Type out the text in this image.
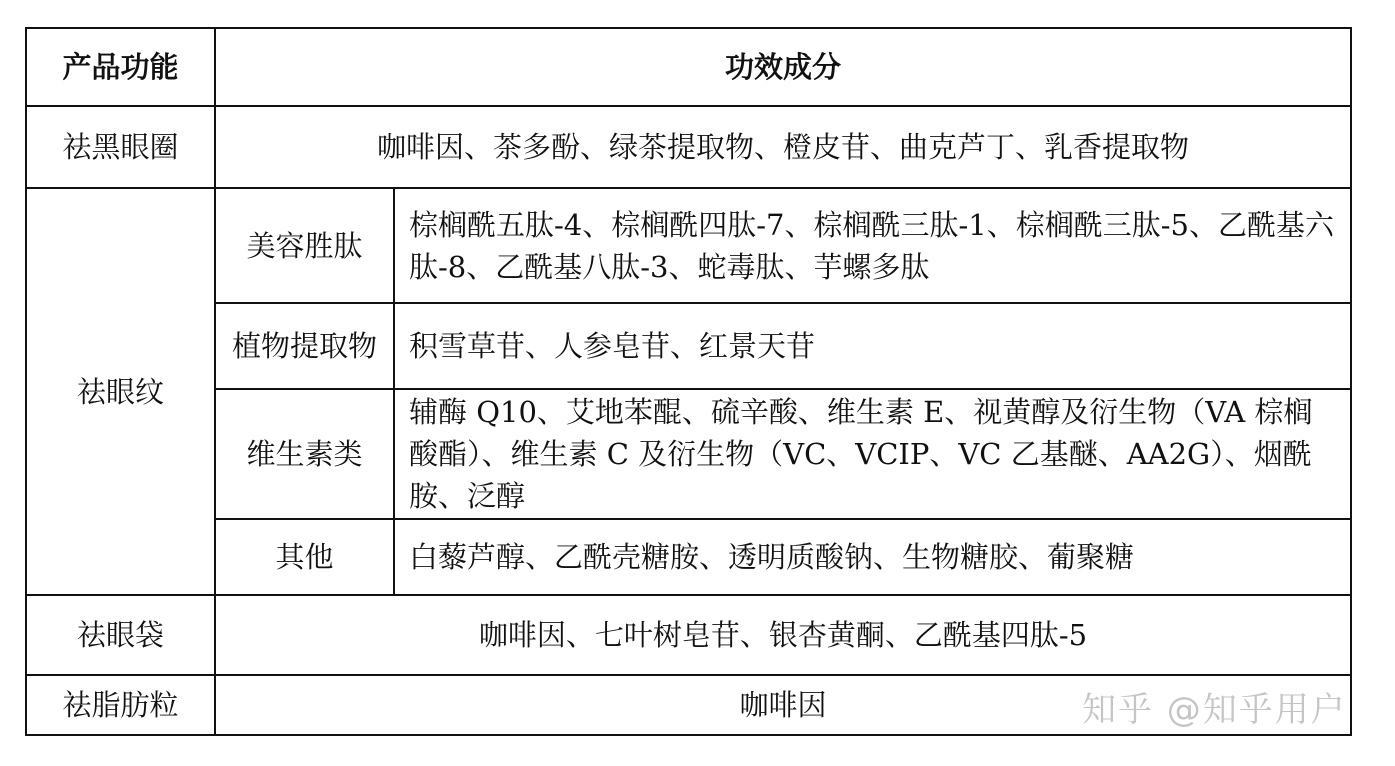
产品功能	功效成分	
祛黑眼圈	咖啡因、茶多酚、绿茶提取物、橙皮苷、曲克芦丁、乳香提取物	
祛眼纹	美容胜肽	棕榈酰五肽-4、棕榈酰四肽-7、棕榈酰三肽-1、棕榈酰三肽-5、乙酰基六肽-8、乙酰基八肽-3、蛇毒肽、芋螺多肽
	植物提取物	积雪草苷、人参皂苷、红景天苷
	维生素类	辅酶 Q10、艾地苯醌、硫辛酸、维生素 E、视黄醇及衍生物（VA 棕榈酸酯）、维生素 C 及衍生物（VC、VCIP、VC 乙基醚、AA2G）、烟酰胺、泛醇
	其他	白藜芦醇、乙酰壳糖胺、透明质酸钠、生物糖胶、葡聚糖
祛眼袋	咖啡因、七叶树皂苷、银杏黄酮、乙酰基四肽-5	
祛脂肪粒	咖啡因		知乎 @知乎用户
